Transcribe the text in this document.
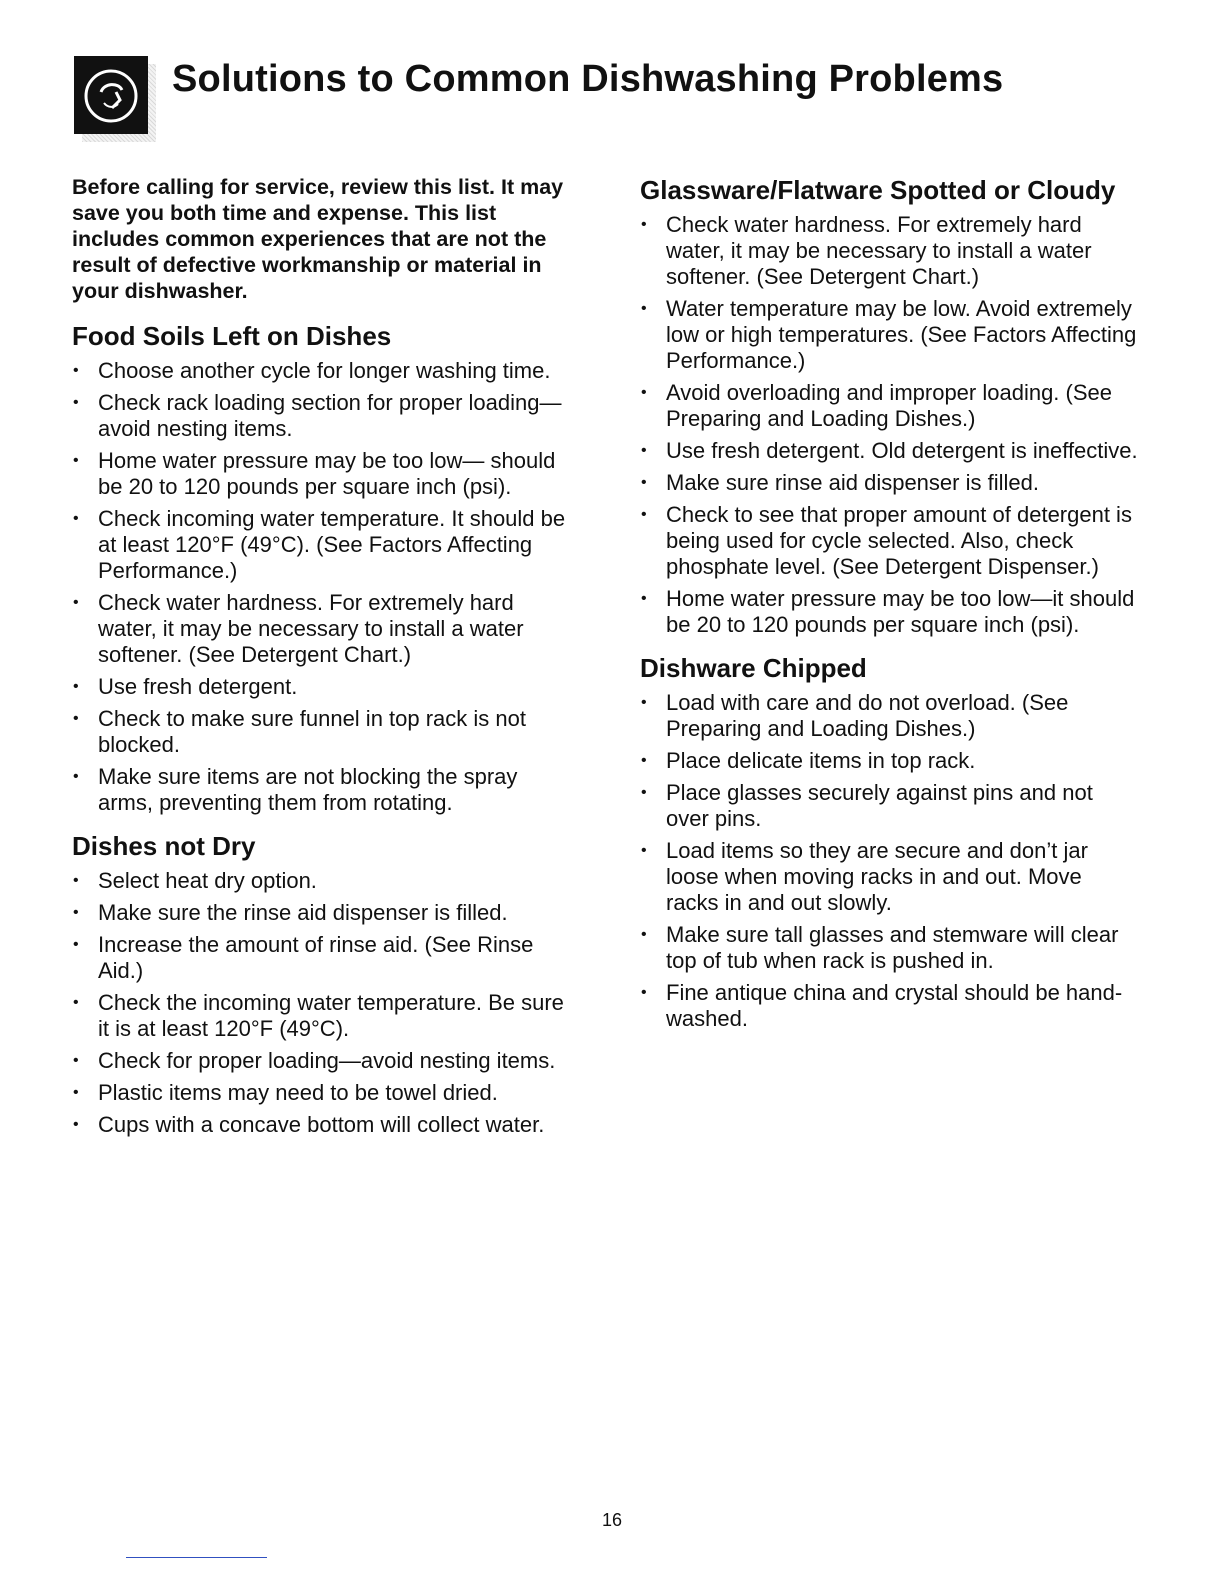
Solutions to Common Dishwashing Problems

Before calling for service, review this list. It may save you both time and expense. This list includes common experiences that are not the result of defective workmanship or material in your dishwasher.

Food Soils Left on Dishes
• Choose another cycle for longer washing time.
• Check rack loading section for proper loading—avoid nesting items.
• Home water pressure may be too low— should be 20 to 120 pounds per square inch (psi).
• Check incoming water temperature. It should be at least 120°F (49°C). (See Factors Affecting Performance.)
• Check water hardness. For extremely hard water, it may be necessary to install a water softener. (See Detergent Chart.)
• Use fresh detergent.
• Check to make sure funnel in top rack is not blocked.
• Make sure items are not blocking the spray arms, preventing them from rotating.
Dishes not Dry
• Select heat dry option.
• Make sure the rinse aid dispenser is filled.
• Increase the amount of rinse aid. (See Rinse Aid.)
• Check the incoming water temperature. Be sure it is at least 120°F (49°C).
• Check for proper loading—avoid nesting items.
• Plastic items may need to be towel dried.
• Cups with a concave bottom will collect water.
Glassware/Flatware Spotted or Cloudy
• Check water hardness. For extremely hard water, it may be necessary to install a water softener. (See Detergent Chart.)
• Water temperature may be low. Avoid extremely low or high temperatures. (See Factors Affecting Performance.)
• Avoid overloading and improper loading. (See Preparing and Loading Dishes.)
• Use fresh detergent. Old detergent is ineffective.
• Make sure rinse aid dispenser is filled.
• Check to see that proper amount of detergent is being used for cycle selected. Also, check phosphate level. (See Detergent Dispenser.)
• Home water pressure may be too low—it should be 20 to 120 pounds per square inch (psi).
Dishware Chipped
• Load with care and do not overload. (See Preparing and Loading Dishes.)
• Place delicate items in top rack.
• Place glasses securely against pins and not over pins.
• Load items so they are secure and don’t jar loose when moving racks in and out. Move racks in and out slowly.
• Make sure tall glasses and stemware will clear top of tub when rack is pushed in.
• Fine antique china and crystal should be hand-washed.
16
